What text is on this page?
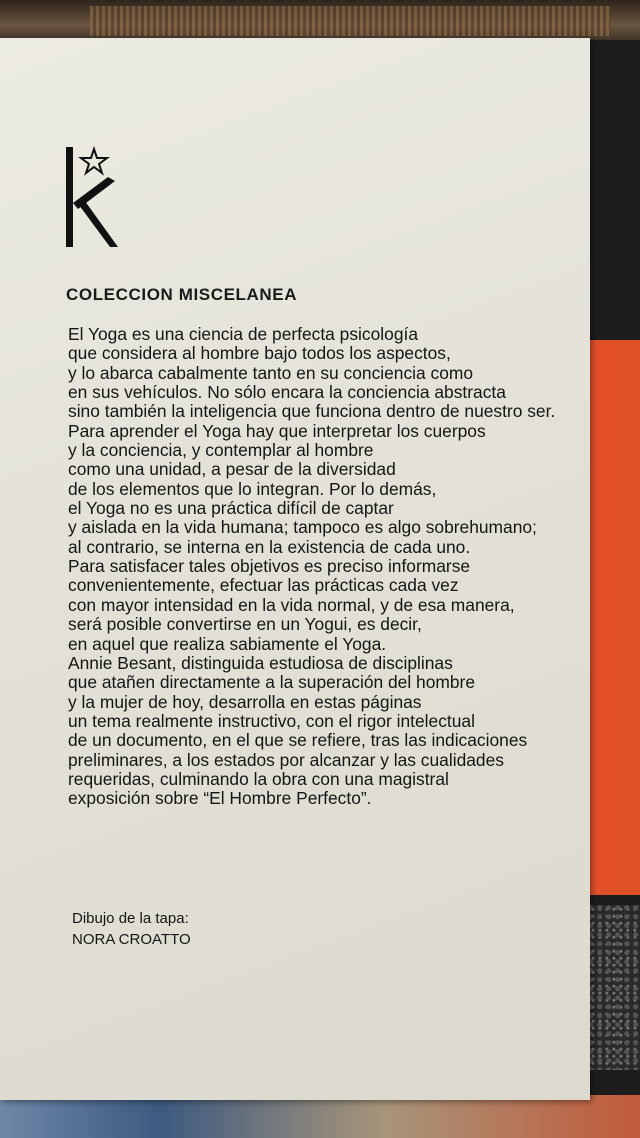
COLECCION MISCELANEA
El Yoga es una ciencia de perfecta psicología
que considera al hombre bajo todos los aspectos,
y lo abarca cabalmente tanto en su conciencia como
en sus vehículos. No sólo encara la conciencia abstracta
sino también la inteligencia que funciona dentro de nuestro ser.
Para aprender el Yoga hay que interpretar los cuerpos
y la conciencia, y contemplar al hombre
como una unidad, a pesar de la diversidad
de los elementos que lo integran. Por lo demás,
el Yoga no es una práctica difícil de captar
y aislada en la vida humana; tampoco es algo sobrehumano;
al contrario, se interna en la existencia de cada uno.
Para satisfacer tales objetivos es preciso informarse
convenientemente, efectuar las prácticas cada vez
con mayor intensidad en la vida normal, y de esa manera,
será posible convertirse en un Yogui, es decir,
en aquel que realiza sabiamente el Yoga.
Annie Besant, distinguida estudiosa de disciplinas
que atañen directamente a la superación del hombre
y la mujer de hoy, desarrolla en estas páginas
un tema realmente instructivo, con el rigor intelectual
de un documento, en el que se refiere, tras las indicaciones
preliminares, a los estados por alcanzar y las cualidades
requeridas, culminando la obra con una magistral
exposición sobre “El Hombre Perfecto”.
Dibujo de la tapa:
NORA CROATTO
